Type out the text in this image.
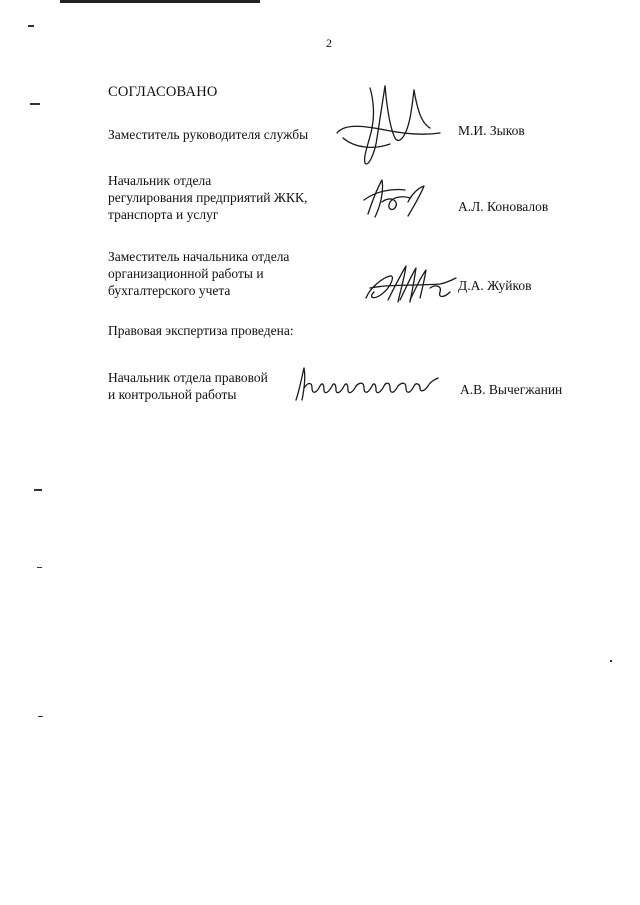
2
СОГЛАСОВАНО
Заместитель руководителя службы	М.И. Зыков
Начальник отдела
регулирования предприятий ЖКК,
транспорта и услуг
А.Л. Коновалов
Заместитель начальника отдела
организационной работы и
бухгалтерского учета	Д.А. Жуйков
Правовая экспертиза проведена:
Начальник отдела правовой
и контрольной работы	А.В. Вычегжанин
